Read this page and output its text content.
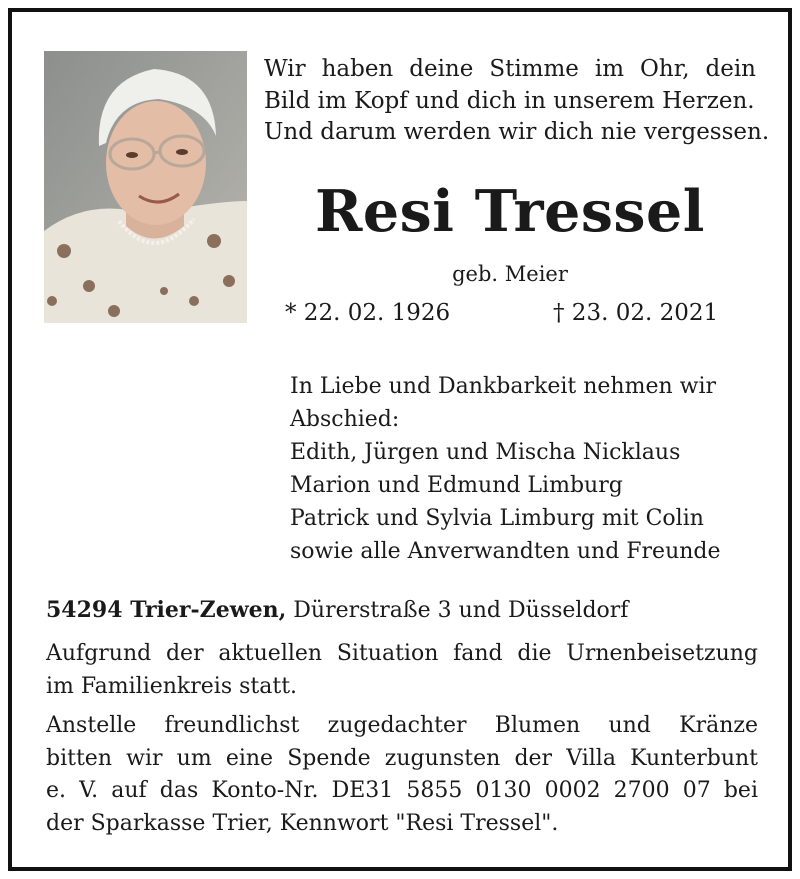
Wir haben deine Stimme im Ohr, dein
Bild im Kopf und dich in unserem Herzen.
Und darum werden wir dich nie vergessen.
Resi Tressel
geb. Meier
* 22. 02. 1926	† 23. 02. 2021
In Liebe und Dankbarkeit nehmen wir
Abschied:
Edith, Jürgen und Mischa Nicklaus
Marion und Edmund Limburg
Patrick und Sylvia Limburg mit Colin
sowie alle Anverwandten und Freunde
54294 Trier-Zewen, Dürerstraße 3 und Düsseldorf
Aufgrund der aktuellen Situation fand die Urnenbeisetzung
im Familienkreis statt.
Anstelle freundlichst zugedachter Blumen und Kränze
bitten wir um eine Spende zugunsten der Villa Kunterbunt
e. V. auf das Konto-Nr. DE31 5855 0130 0002 2700 07 bei
der Sparkasse Trier, Kennwort "Resi Tressel".
